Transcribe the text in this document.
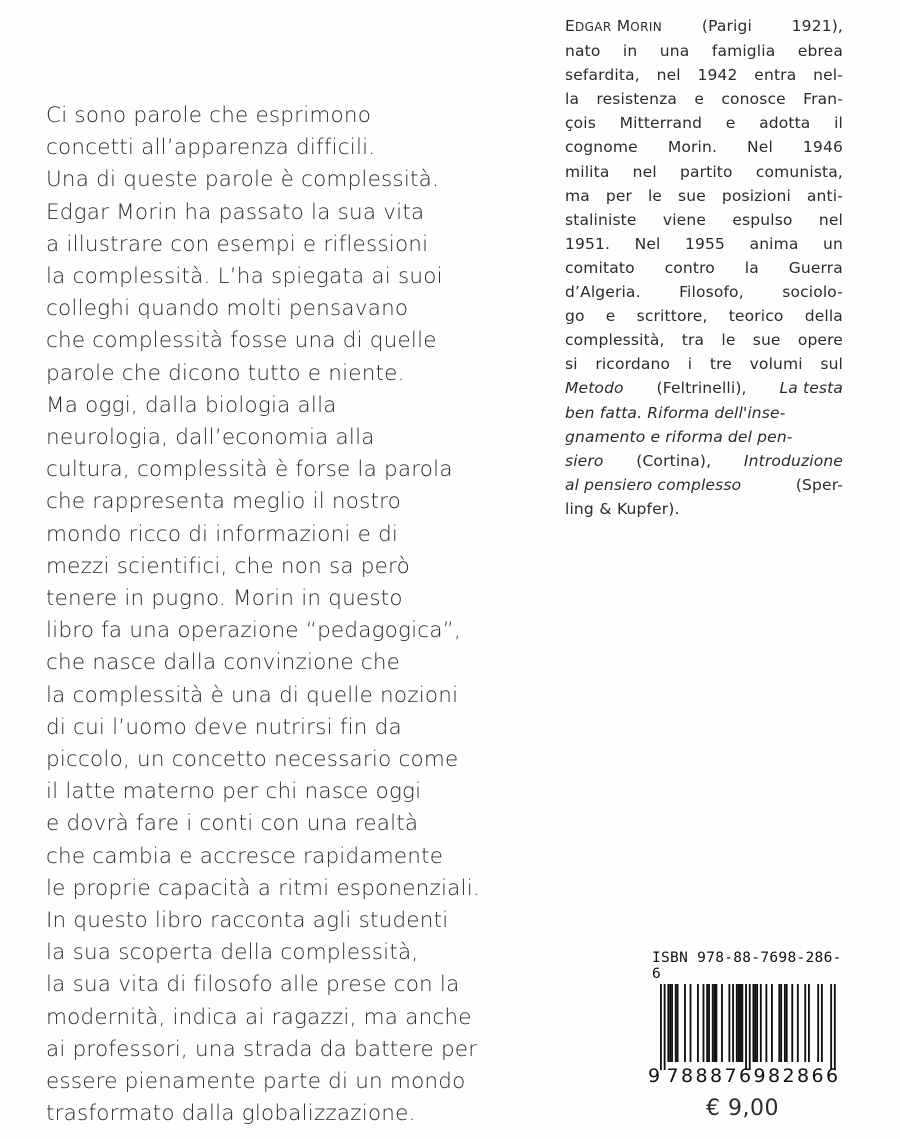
Ci sono parole che esprimono
concetti all’apparenza difficili.
Una di queste parole è complessità.
Edgar Morin ha passato la sua vita
a illustrare con esempi e riflessioni
la complessità. L’ha spiegata ai suoi
colleghi quando molti pensavano
che complessità fosse una di quelle
parole che dicono tutto e niente.
Ma oggi, dalla biologia alla
neurologia, dall’economia alla
cultura, complessità è forse la parola
che rappresenta meglio il nostro
mondo ricco di informazioni e di
mezzi scientifici, che non sa però
tenere in pugno. Morin in questo
libro fa una operazione “pedagogica”,
che nasce dalla convinzione che
la complessità è una di quelle nozioni
di cui l’uomo deve nutrirsi fin da
piccolo, un concetto necessario come
il latte materno per chi nasce oggi
e dovrà fare i conti con una realtà
che cambia e accresce rapidamente
le proprie capacità a ritmi esponenziali.
In questo libro racconta agli studenti
la sua scoperta della complessità,
la sua vita di filosofo alle prese con la
modernità, indica ai ragazzi, ma anche
ai professori, una strada da battere per
essere pienamente parte di un mondo
trasformato dalla globalizzazione.
EDGAR MORIN	(Parigi	1921),
nato in una famiglia ebrea
sefardita, nel 1942 entra nel-
la resistenza e conosce Fran-
çois Mitterrand e adotta il
cognome Morin. Nel 1946
milita nel partito comunista,
ma per le sue posizioni anti-
staliniste viene espulso nel
1951. Nel 1955 anima un
comitato contro la Guerra
d’Algeria. Filosofo, sociolo-
go e scrittore, teorico della
complessità, tra le sue opere
si ricordano i tre volumi sul
Metodo (Feltrinelli), La testa
ben fatta. Riforma dell'inse-
gnamento e riforma del pen-
siero (Cortina), Introduzione
al pensiero complesso	(Sper-
ling & Kupfer).
ISBN 978-88-7698-286-6
9 788876 982866
€ 9,00
